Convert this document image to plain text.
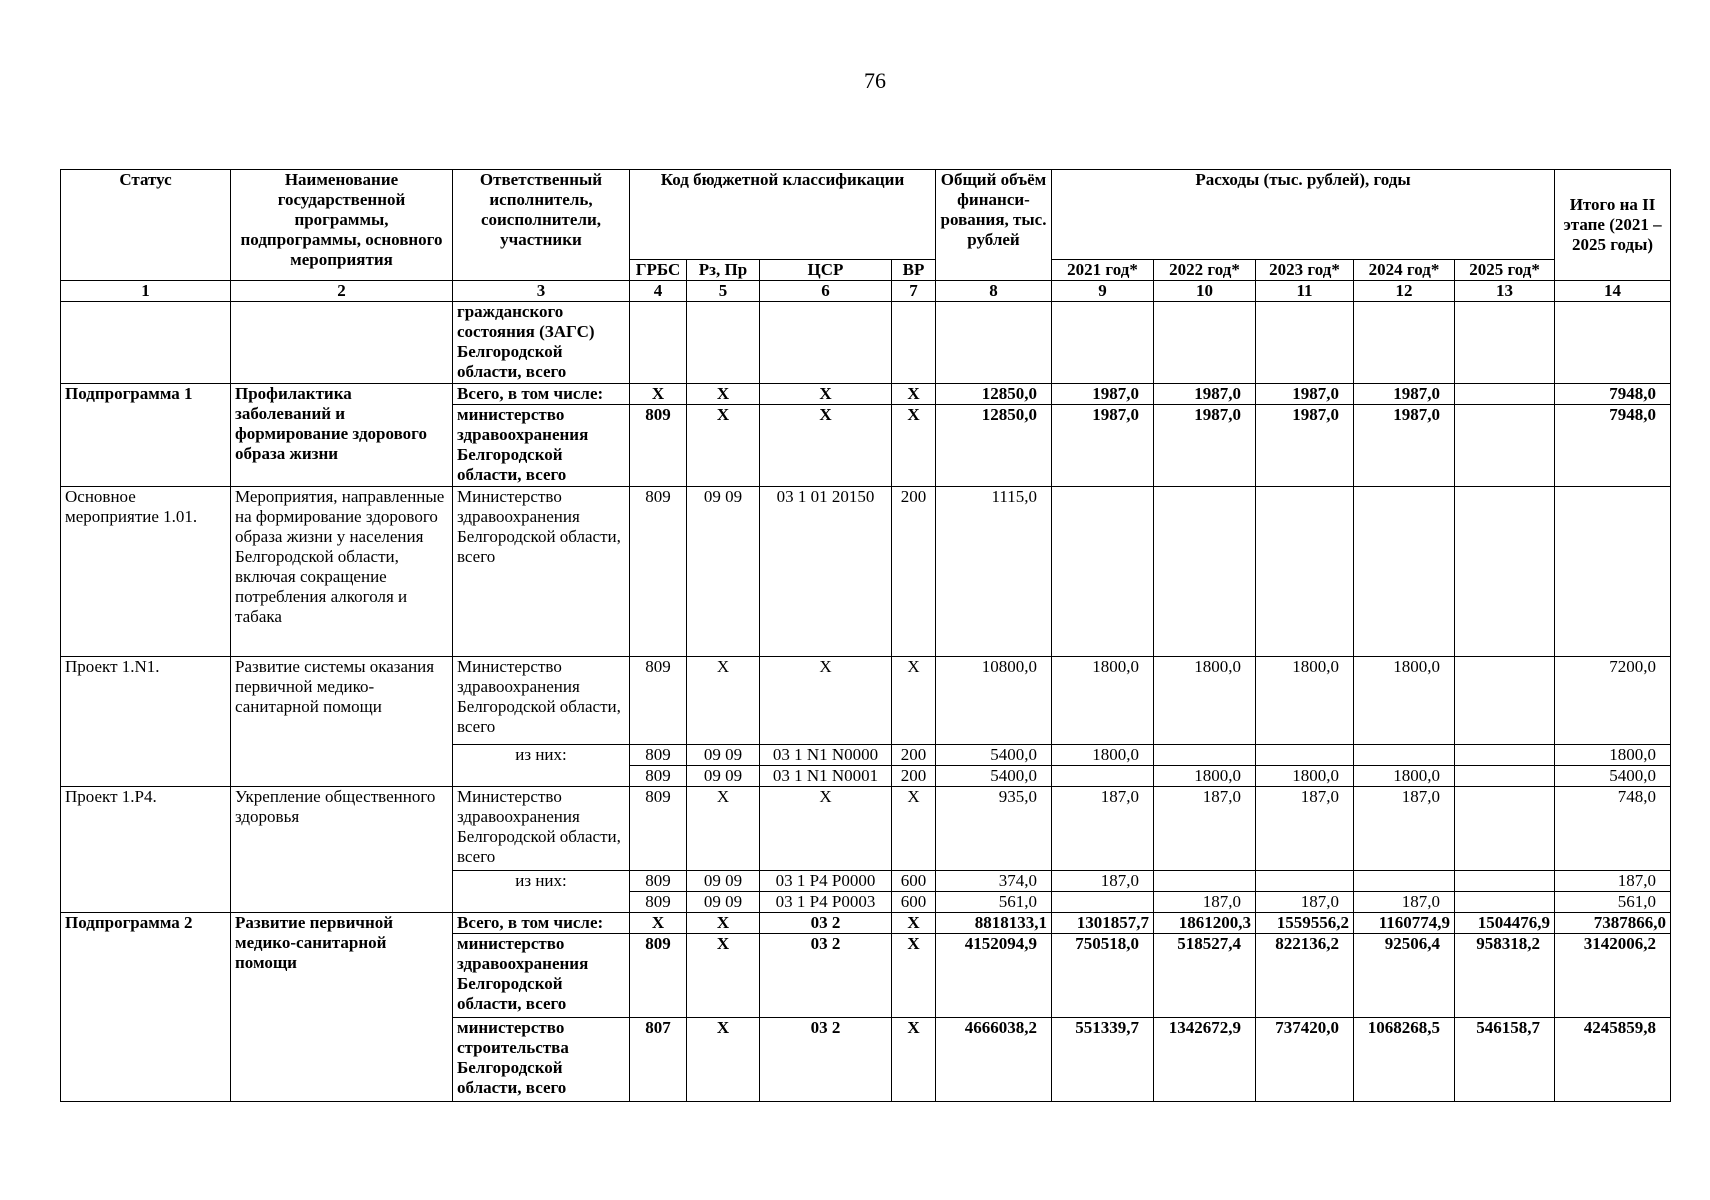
76
Статус	Наименование государственной программы, подпрограммы, основного мероприятия	Ответственный исполнитель, соисполнители, участники	Код бюджетной классификации				Общий объём финанси-рования, тыс. рублей	Расходы (тыс. рублей), годы					Итого на II этапе (2021 – 2025 годы)
			ГРБС	Рз, Пр	ЦСР	ВР		2021 год*	2022 год*	2023 год*	2024 год*	2025 год*	
1	2	3	4	5	6	7	8	9	10	11	12	13	14
		гражданского состояния (ЗАГС) Белгородской области, всего											
Подпрограмма 1	Профилактика заболеваний и формирование здорового образа жизни	Всего, в том числе:	X	X	X	X	12850,0	1987,0	1987,0	1987,0	1987,0		7948,0
		министерство здравоохранения Белгородской области, всего	809	X	X	X	12850,0	1987,0	1987,0	1987,0	1987,0		7948,0
Основное мероприятие 1.01.	Мероприятия, направленные на формирование здорового образа жизни у населения Белгородской области, включая сокращение потребления алкоголя и табака	Министерство здравоохранения Белгородской области, всего	809	09 09	03 1 01 20150	200	1115,0						
Проект 1.N1.	Развитие системы оказания первичной медико-санитарной помощи	Министерство здравоохранения Белгородской области, всего	809	X	X	X	10800,0	1800,0	1800,0	1800,0	1800,0		7200,0
		из них:	809	09 09	03 1 N1 N0000	200	5400,0	1800,0					1800,0
			809	09 09	03 1 N1 N0001	200	5400,0		1800,0	1800,0	1800,0		5400,0
Проект 1.P4.	Укрепление общественного здоровья	Министерство здравоохранения Белгородской области, всего	809	X	X	X	935,0	187,0	187,0	187,0	187,0		748,0
		из них:	809	09 09	03 1 P4 P0000	600	374,0	187,0					187,0
			809	09 09	03 1 P4 P0003	600	561,0		187,0	187,0	187,0		561,0
Подпрограмма 2	Развитие первичной медико-санитарной помощи	Всего, в том числе:	X	X	03 2	X	8818133,1	1301857,7	1861200,3	1559556,2	1160774,9	1504476,9	7387866,0
		министерство здравоохранения Белгородской области, всего	809	X	03 2	X	4152094,9	750518,0	518527,4	822136,2	92506,4	958318,2	3142006,2
		министерство строительства Белгородской области, всего	807	X	03 2	X	4666038,2	551339,7	1342672,9	737420,0	1068268,5	546158,7	4245859,8
